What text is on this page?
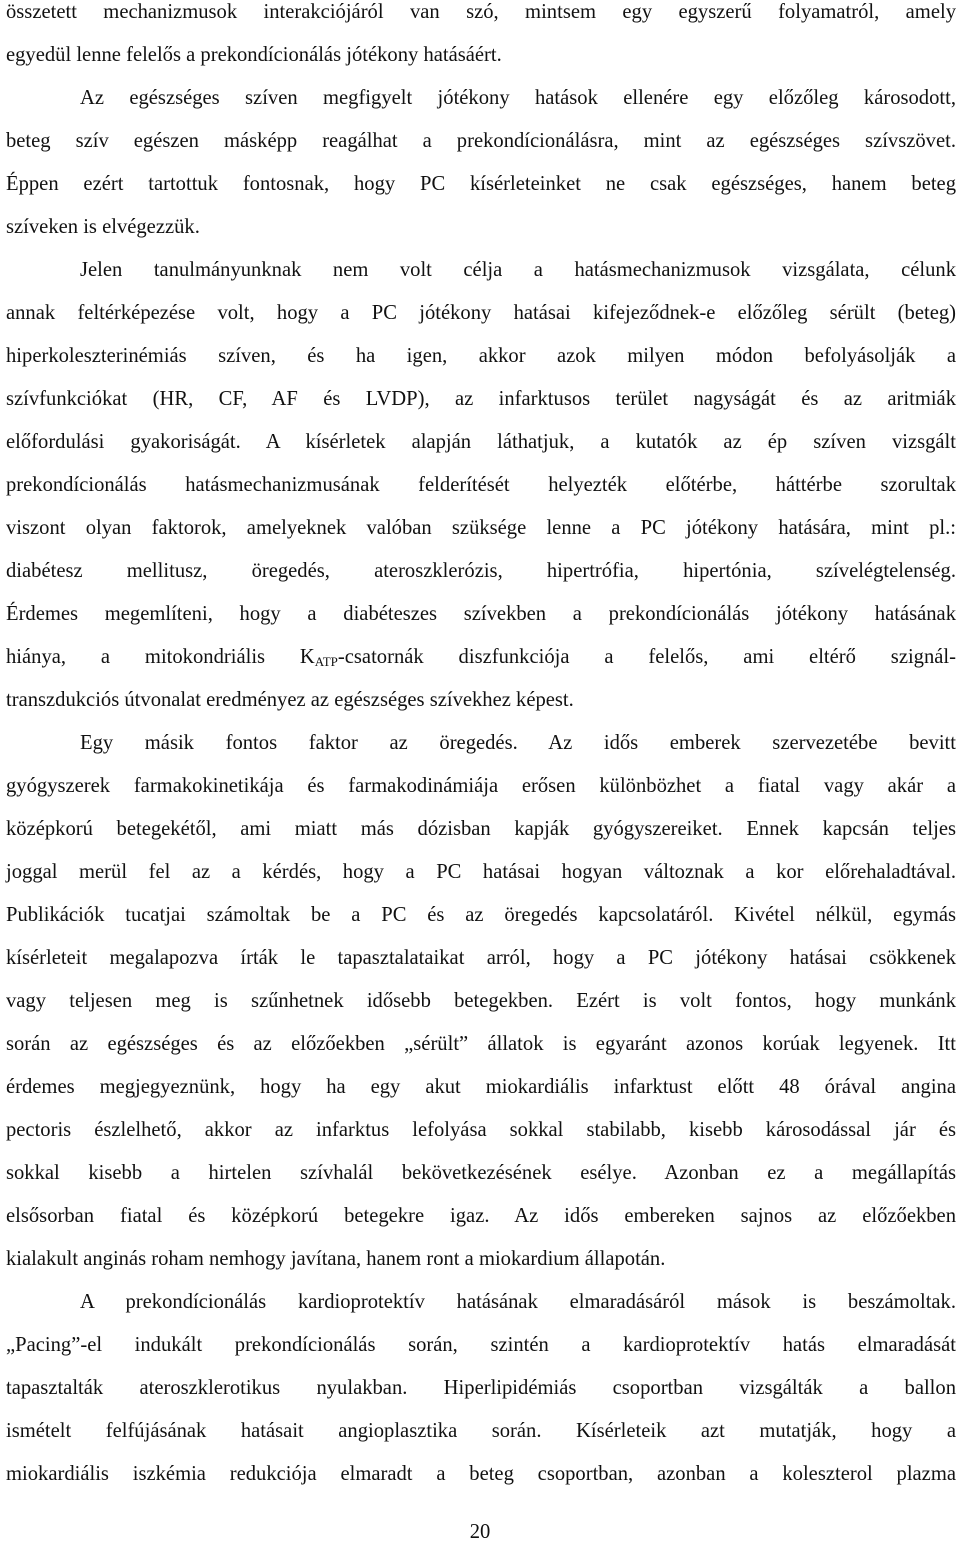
összetett mechanizmusok interakciójáról van szó, mintsem egy egyszerű folyamatról, amely
egyedül lenne felelős a prekondícionálás jótékony hatásáért.
Az egészséges szíven megfigyelt jótékony hatások ellenére egy előzőleg károsodott,
beteg szív egészen másképp reagálhat a prekondícionálásra, mint az egészséges szívszövet.
Éppen ezért tartottuk fontosnak, hogy PC kísérleteinket ne csak egészséges, hanem beteg
szíveken is elvégezzük.
Jelen tanulmányunknak nem volt célja a hatásmechanizmusok vizsgálata, célunk
annak feltérképezése volt, hogy a PC jótékony hatásai kifejeződnek-e előzőleg sérült (beteg)
hiperkoleszterinémiás szíven, és ha igen, akkor azok milyen módon befolyásolják a
szívfunkciókat (HR, CF, AF és LVDP), az infarktusos terület nagyságát és az aritmiák
előfordulási gyakoriságát. A kísérletek alapján láthatjuk, a kutatók az ép szíven vizsgált
prekondícionálás hatásmechanizmusának felderítését helyezték előtérbe, háttérbe szorultak
viszont olyan faktorok, amelyeknek valóban szüksége lenne a PC jótékony hatására, mint pl.:
diabétesz mellitusz, öregedés, ateroszklerózis, hipertrófia, hipertónia, szívelégtelenség.
Érdemes megemlíteni, hogy a diabéteszes szívekben a prekondícionálás jótékony hatásának
hiánya, a mitokondriális $K_{ATP}$-csatornák diszfunkciója a felelős, ami eltérő szignál-
transzdukciós útvonalat eredményez az egészséges szívekhez képest.
Egy másik fontos faktor az öregedés. Az idős emberek szervezetébe bevitt
gyógyszerek farmakokinetikája és farmakodinámiája erősen különbözhet a fiatal vagy akár a
középkorú betegekétől, ami miatt más dózisban kapják gyógyszereiket. Ennek kapcsán teljes
joggal merül fel az a kérdés, hogy a PC hatásai hogyan változnak a kor előrehaladtával.
Publikációk tucatjai számoltak be a PC és az öregedés kapcsolatáról. Kivétel nélkül, egymás
kísérleteit megalapozva írták le tapasztalataikat arról, hogy a PC jótékony hatásai csökkenek
vagy teljesen meg is szűnhetnek idősebb betegekben. Ezért is volt fontos, hogy munkánk
során az egészséges és az előzőekben „sérült” állatok is egyaránt azonos korúak legyenek. Itt
érdemes megjegyeznünk, hogy ha egy akut miokardiális infarktust előtt 48 órával angina
pectoris észlelhető, akkor az infarktus lefolyása sokkal stabilabb, kisebb károsodással jár és
sokkal kisebb a hirtelen szívhalál bekövetkezésének esélye. Azonban ez a megállapítás
elsősorban fiatal és középkorú betegekre igaz. Az idős embereken sajnos az előzőekben
kialakult anginás roham nemhogy javítana, hanem ront a miokardium állapotán.
A prekondícionálás kardioprotektív hatásának elmaradásáról mások is beszámoltak.
„Pacing”-el indukált prekondícionálás során, szintén a kardioprotektív hatás elmaradását
tapasztalták ateroszklerotikus nyulakban. Hiperlipidémiás csoportban vizsgálták a ballon
ismételt felfújásának hatásait angioplasztika során. Kísérleteik azt mutatják, hogy a
miokardiális iszkémia redukciója elmaradt a beteg csoportban, azonban a koleszterol plazma
20
